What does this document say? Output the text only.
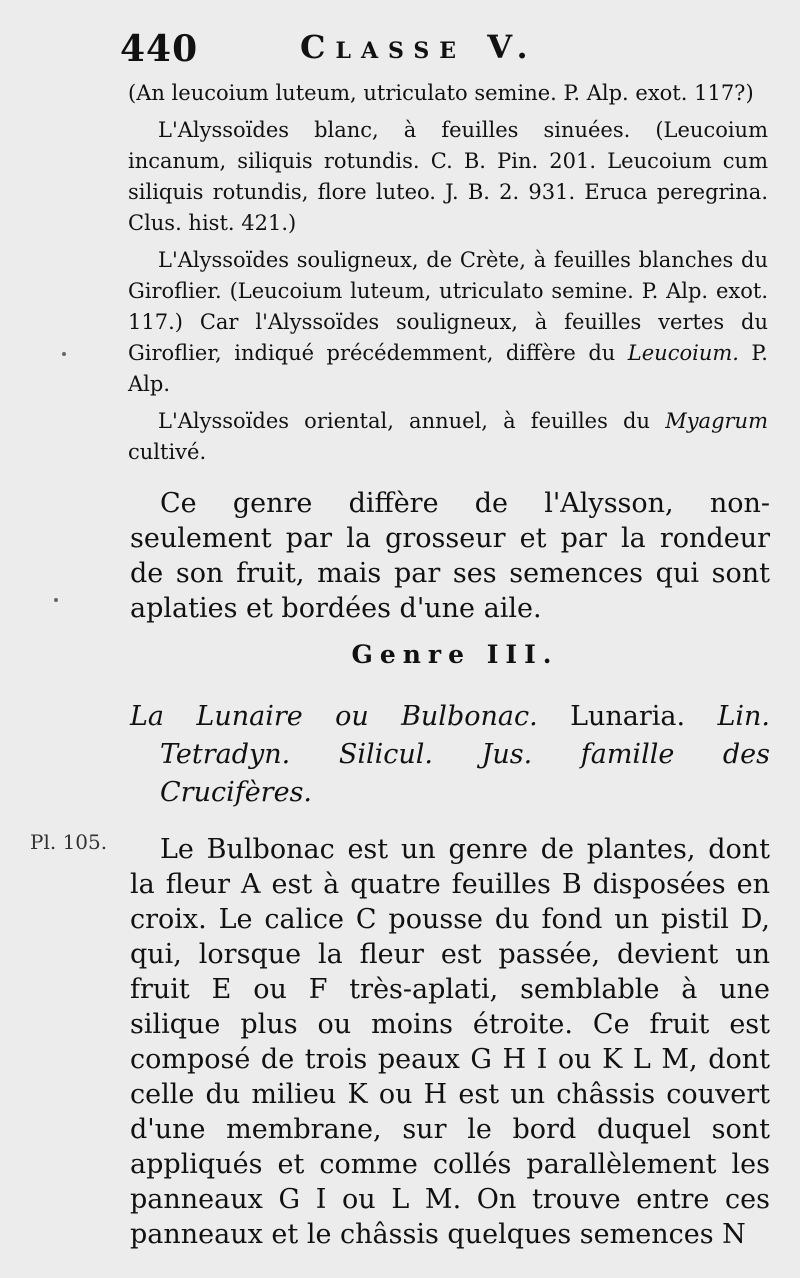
440	Classe V.

(An leucoium luteum, utriculato semine. P. Alp. exot. 117?)

L'Alyssoïdes blanc, à feuilles sinuées. (Leucoium incanum, siliquis rotundis. C. B. Pin. 201. Leucoium cum siliquis rotundis, flore luteo. J. B. 2. 931. Eruca peregrina. Clus. hist. 421.)

L'Alyssoïdes souligneux, de Crète, à feuilles blanches du Giroflier. (Leucoium luteum, utriculato semine. P. Alp. exot. 117.) Car l'Alyssoïdes souligneux, à feuilles vertes du Giroflier, indiqué précédemment, diffère du Leucoium. P. Alp.

L'Alyssoïdes oriental, annuel, à feuilles du Myagrum cultivé.

Ce genre diffère de l'Alysson, non-seulement par la grosseur et par la rondeur de son fruit, mais par ses semences qui sont aplaties et bordées d'une aile.

Genre III.

La Lunaire ou Bulbonac. Lunaria. Lin. Tetradyn. Silicul. Jus. famille des Crucifères.

Pl. 105.	Le Bulbonac est un genre de plantes, dont la fleur A est à quatre feuilles B disposées en croix. Le calice C pousse du fond un pistil D, qui, lorsque la fleur est passée, devient un fruit E ou F très-aplati, semblable à une silique plus ou moins étroite. Ce fruit est composé de trois peaux G H I ou K L M, dont celle du milieu K ou H est un châssis couvert d'une membrane, sur le bord duquel sont appliqués et comme collés parallèlement les panneaux G I ou L M. On trouve entre ces panneaux et le châssis quelques semences N
